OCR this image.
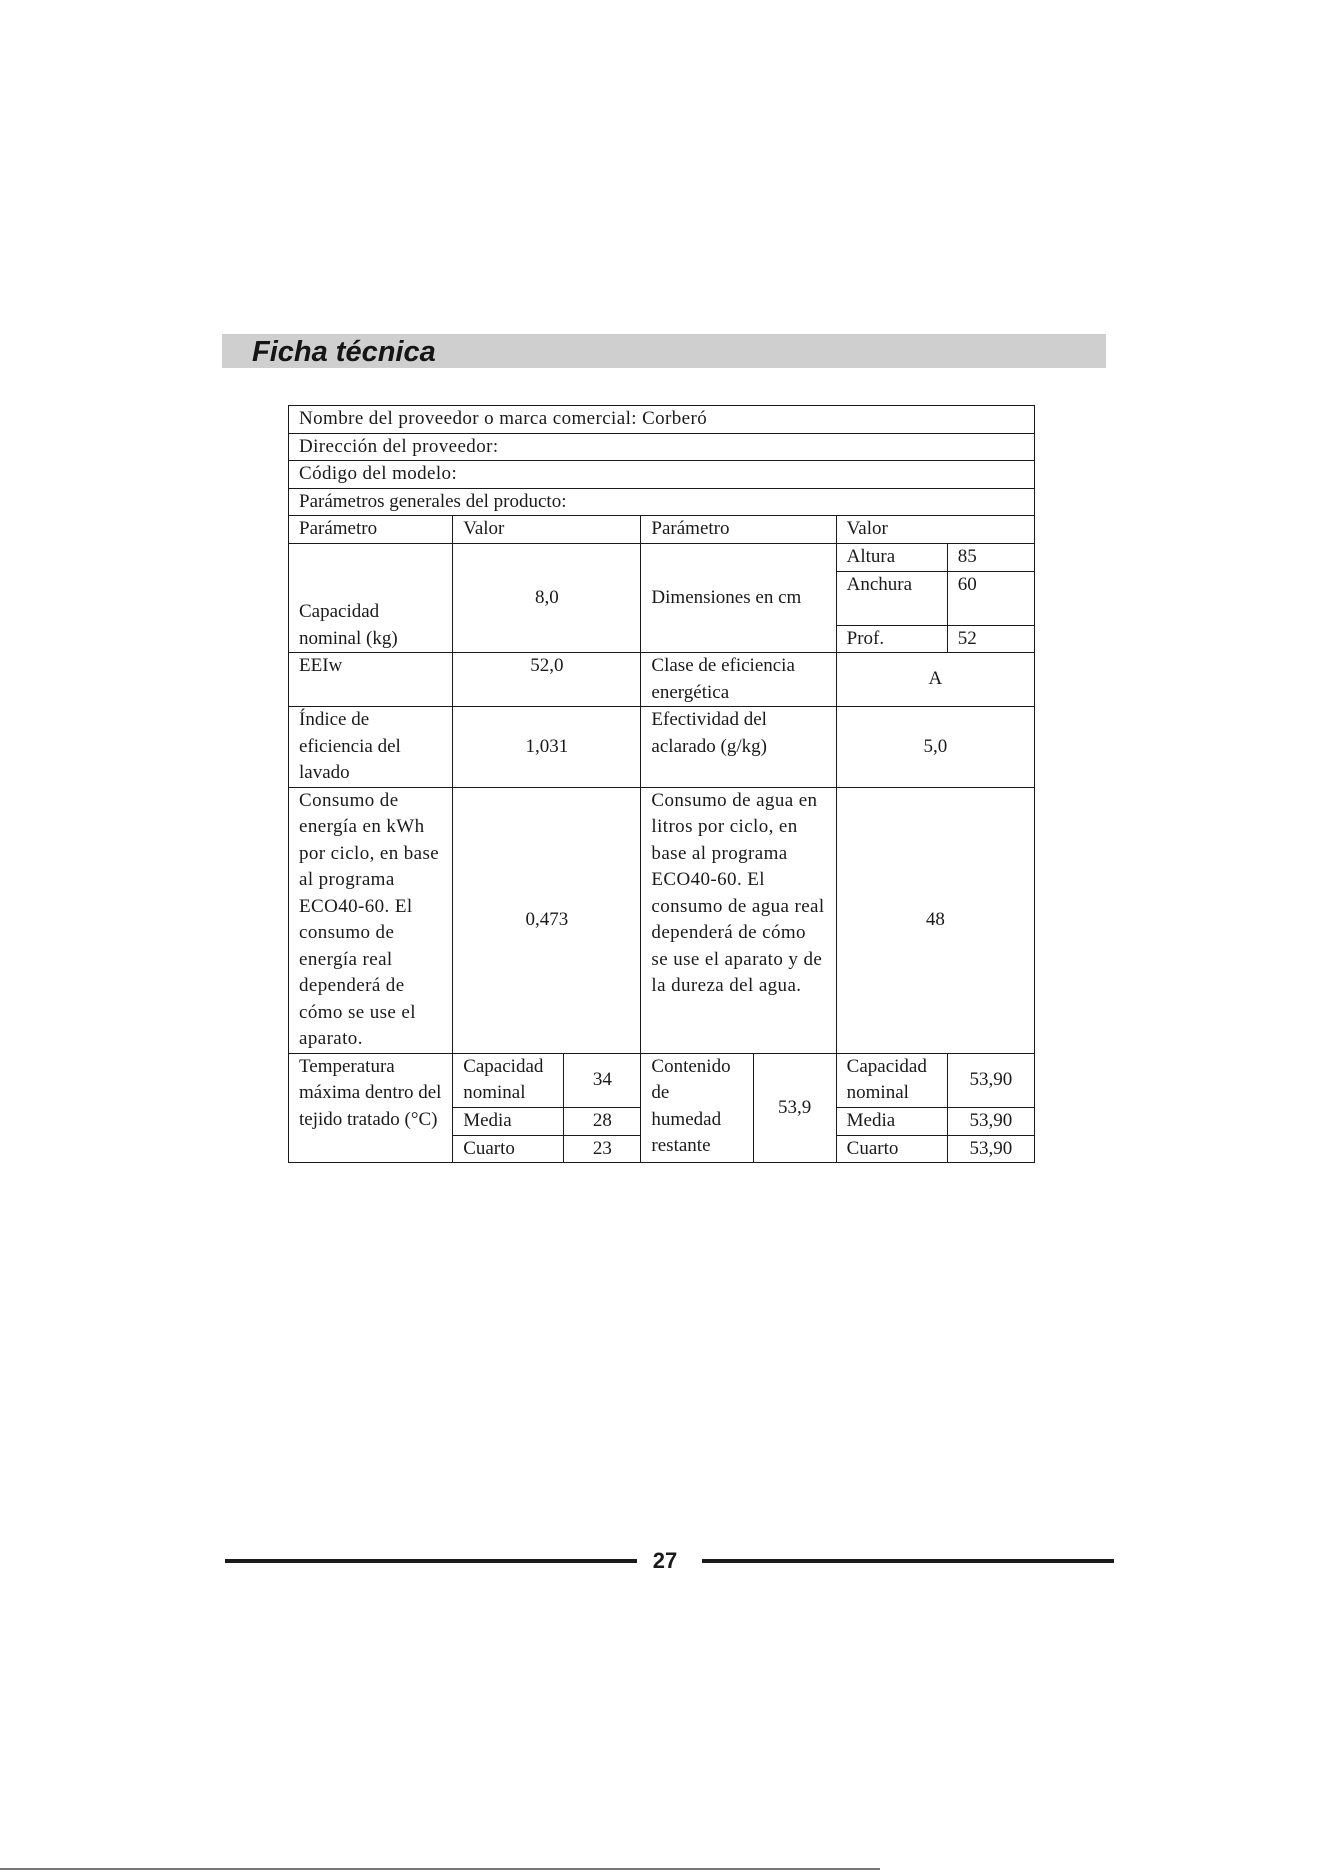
Ficha técnica
Nombre del proveedor o marca comercial: Corberó						
Dirección del proveedor:						
Código del modelo:						
Parámetros generales del producto:						
Parámetro	Valor		Parámetro		Valor	
Capacidad nominal (kg)	8,0		Dimensiones en cm		Altura	85
					Anchura	60
					Prof.	52
EEIw	52,0		Clase de eficiencia energética		A	
Índice de eficiencia del lavado	1,031		Efectividad del aclarado (g/kg)		5,0	
Consumo de energía en kWh por ciclo, en base al programa ECO40-60. El consumo de energía real dependerá de cómo se use el aparato.	0,473		Consumo de agua en litros por ciclo, en base al programa ECO40-60. El consumo de agua real dependerá de cómo se use el aparato y de la dureza del agua.		48	
Temperatura máxima dentro del tejido tratado (°C)	Capacidad nominal	34	Contenido de humedad restante	53,9	Capacidad nominal	53,90
	Media	28			Media	53,90
	Cuarto	23			Cuarto	53,90
27
